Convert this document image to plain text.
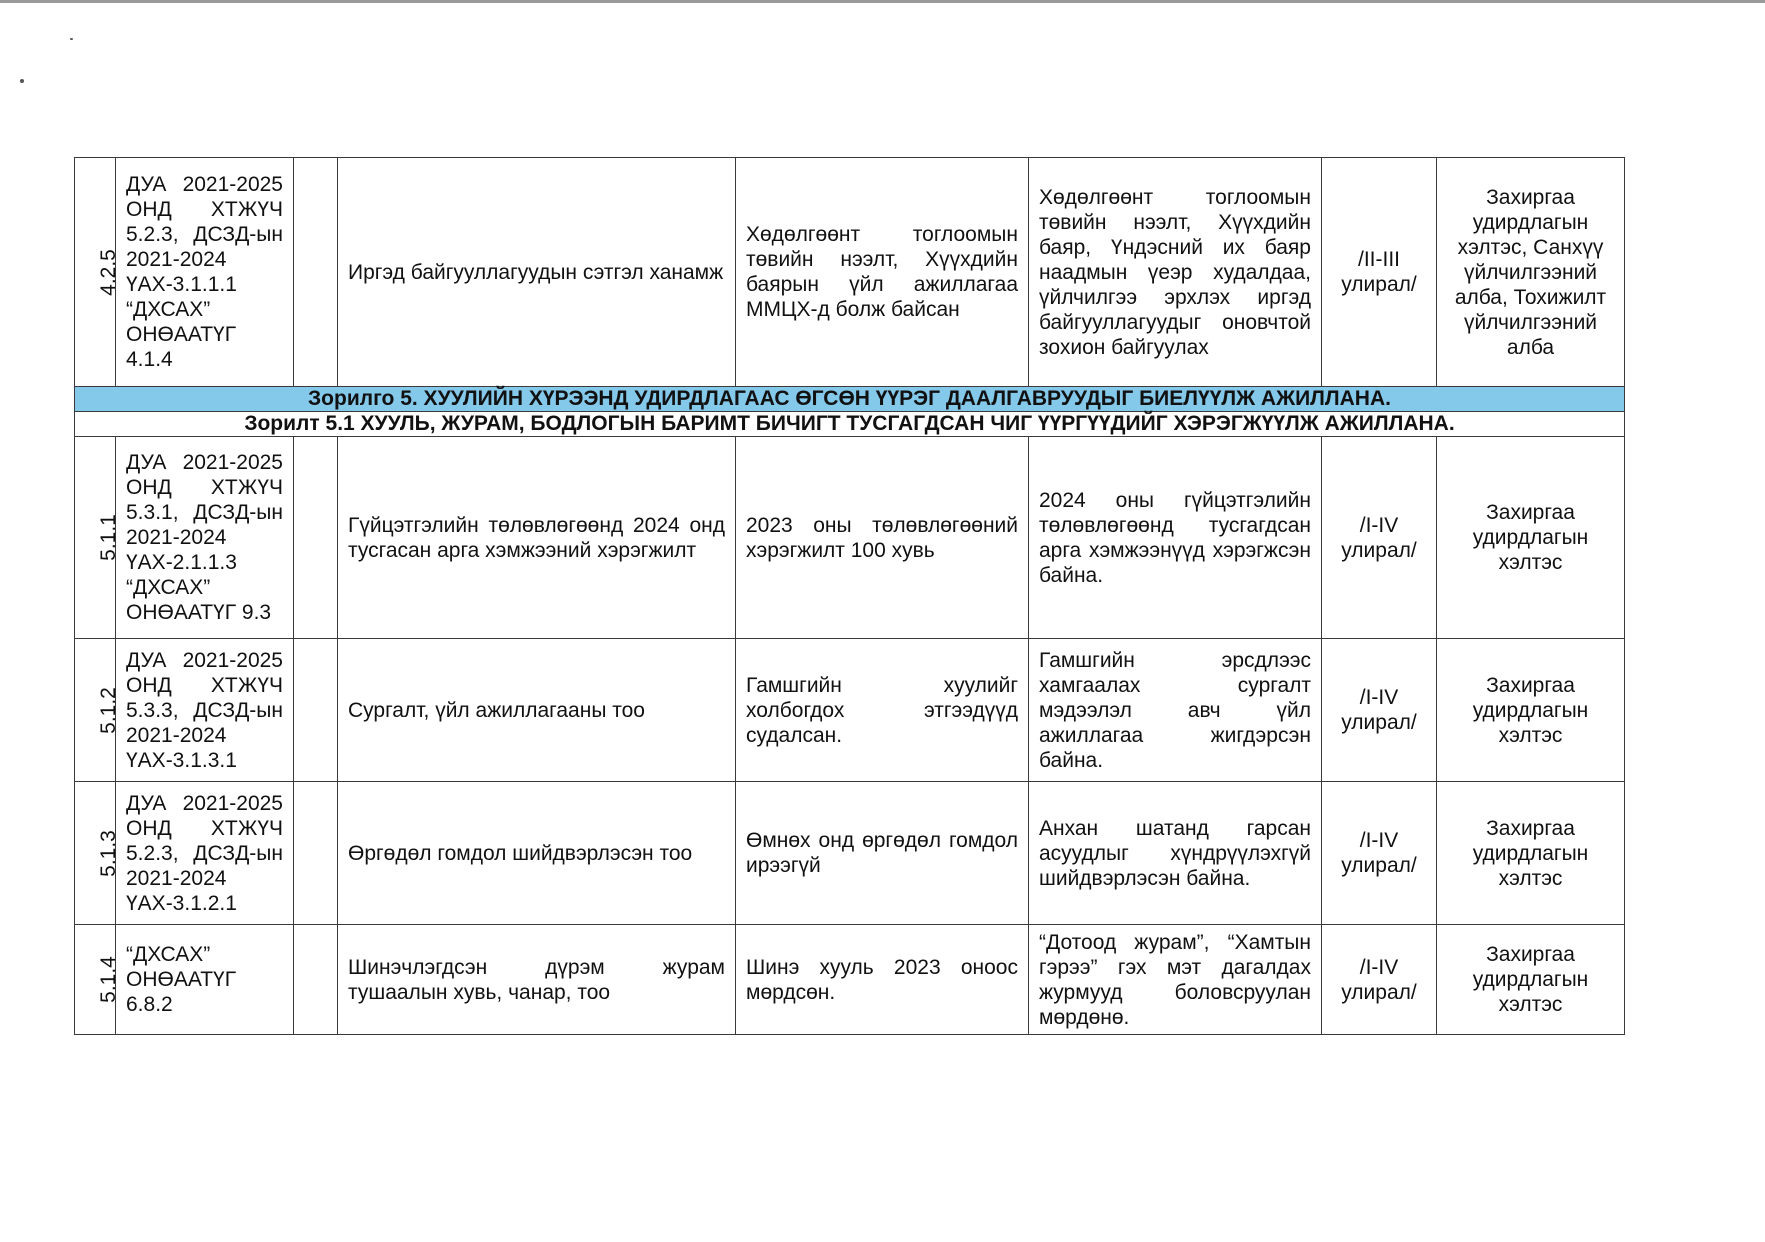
4.2.5	ДУА 2021-2025 ОНД ХТЖҮЧ 5.2.3, ДСЗД-ын 2021-2024 ҮАХ-3.1.1.1 “ДХСАХ” ОНӨААТҮГ 4.1.4		Иргэд байгууллагуудын сэтгэл ханамж	Хөдөлгөөнт тоглоомын төвийн нээлт, Хүүхдийн баярын үйл ажиллагаа ММЦХ-д болж байсан	Хөдөлгөөнт тоглоомын төвийн нээлт, Хүүхдийн баяр, Үндэсний их баяр наадмын үеэр худалдаа, үйлчилгээ эрхлэх иргэд байгууллагуудыг оновчтой зохион байгуулах	/II-III улирал/	Захиргаа удирдлагын хэлтэс, Санхүү үйлчилгээний алба, Тохижилт үйлчилгээний алба
Зорилго 5. ХУУЛИЙН ХҮРЭЭНД УДИРДЛАГААС ӨГСӨН ҮҮРЭГ ДААЛГАВРУУДЫГ БИЕЛҮҮЛЖ АЖИЛЛАНА.							
Зорилт 5.1 ХУУЛЬ, ЖУРАМ, БОДЛОГЫН БАРИМТ БИЧИГТ ТУСГАГДСАН ЧИГ ҮҮРГҮҮДИЙГ ХЭРЭГЖҮҮЛЖ АЖИЛЛАНА.							
5.1.1	ДУА 2021-2025 ОНД ХТЖҮЧ 5.3.1, ДСЗД-ын 2021-2024 ҮАХ-2.1.1.3 “ДХСАХ” ОНӨААТҮГ 9.3		Гүйцэтгэлийн төлөвлөгөөнд 2024 онд тусгасан арга хэмжээний хэрэгжилт	2023 оны төлөвлөгөөний хэрэгжилт 100 хувь	2024 оны гүйцэтгэлийн төлөвлөгөөнд тусгагдсан арга хэмжээнүүд хэрэгжсэн байна.	/I-IV улирал/	Захиргаа удирдлагын хэлтэс
5.1.2	ДУА 2021-2025 ОНД ХТЖҮЧ 5.3.3, ДСЗД-ын 2021-2024 ҮАХ-3.1.3.1		Сургалт, үйл ажиллагааны тоо	Гамшгийн хуулийг холбогдох этгээдүүд судалсан.	Гамшгийн эрсдлээс хамгаалах сургалт мэдээлэл авч үйл ажиллагаа жигдэрсэн байна.	/I-IV улирал/	Захиргаа удирдлагын хэлтэс
5.1.3	ДУА 2021-2025 ОНД ХТЖҮЧ 5.2.3, ДСЗД-ын 2021-2024 ҮАХ-3.1.2.1		Өргөдөл гомдол шийдвэрлэсэн тоо	Өмнөх онд өргөдөл гомдол ирээгүй	Анхан шатанд гарсан асуудлыг хүндрүүлэхгүй шийдвэрлэсэн байна.	/I-IV улирал/	Захиргаа удирдлагын хэлтэс
5.1.4	“ДХСАХ” ОНӨААТҮГ 6.8.2		Шинэчлэгдсэн дүрэм журам тушаалын хувь, чанар, тоо	Шинэ хууль 2023 оноос мөрдсөн.	“Дотоод журам”, “Хамтын гэрээ” гэх мэт дагалдах журмууд боловсруулан мөрдөнө.	/I-IV улирал/	Захиргаа удирдлагын хэлтэс
